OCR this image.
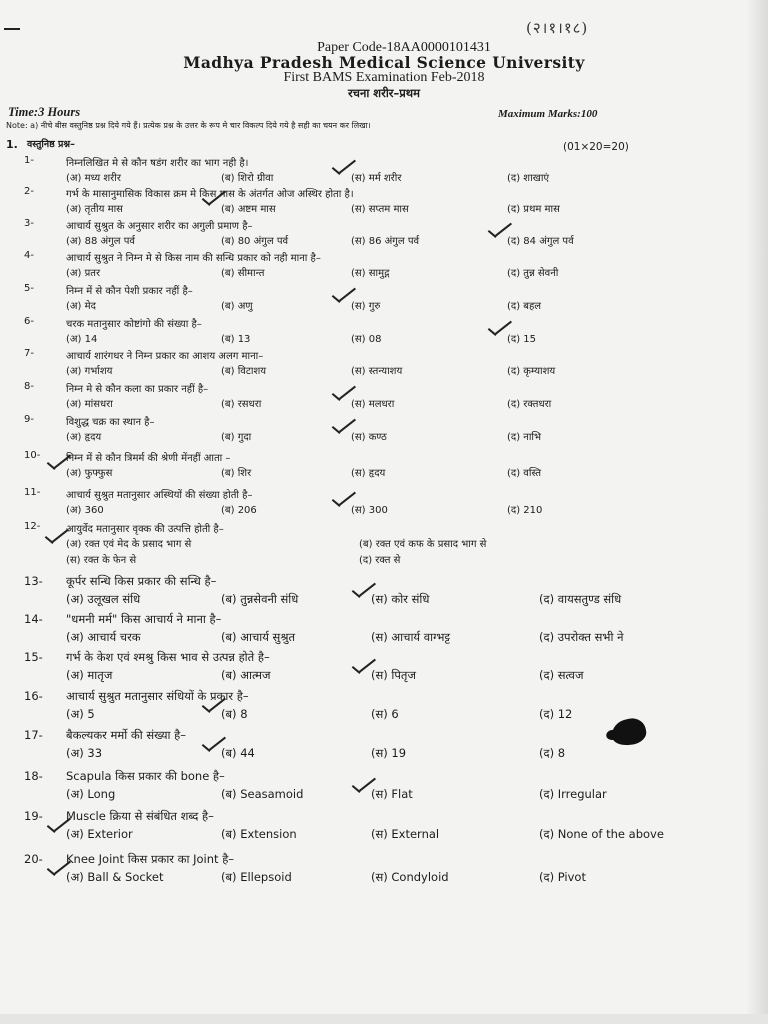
(२।१।१८)
Paper Code-18AA0000101431
Madhya Pradesh Medical Science University
First BAMS Examination Feb-2018
रचना शरीर–प्रथम
Time:3 Hours	Maximum Marks:100
Note: a) नीचे बीस वस्तुनिष्ठ प्रश्न दिये गये हैं। प्रत्येक प्रश्न के उत्तर के रूप मे चार विकल्प दिये गये है सही का चयन कर लिखा।
1. वस्तुनिष्ठ प्रश्न–	(01×20=20)
1-	निम्नलिखित मे से कौन षडंग शरीर का भाग नही है।
(अ) मध्य शरीर	(ब) शिरो ग्रीवा	(स) मर्म शरीर	(द) शाखाएं
2-	गर्भ के मासानुमासिक विकास क्रम मे किस मास के अंतर्गत ओज अस्थिर होता है।
(अ) तृतीय मास	(ब) अष्टम मास	(स) सप्तम मास	(द) प्रथम मास
3-	आचार्य सुश्रुत के अनुसार शरीर का अगुली प्रमाण है–
(अ) 88 अंगुल पर्व	(ब) 80 अंगुल पर्व	(स) 86 अंगुल पर्व	(द) 84 अंगुल पर्व
4-	आचार्य सुश्रुत ने निम्न मे से किस नाम की सन्धि प्रकार को नही माना है–
(अ) प्रतर	(ब) सीमान्त	(स) सामुद्ग	(द) तुन्न सेवनी
5-	निम्न में से कौन पेशी प्रकार नहीं है–
(अ) मेद	(ब) अणु	(स) गुरु	(द) बहल
6-	चरक मतानुसार कोष्टांगो की संख्या है–
(अ) 14	(ब) 13	(स) 08	(द) 15
7-	आचार्य शारंगधर ने निम्न प्रकार का आशय अलग माना–
(अ) गर्भाशय	(ब) विटाशय	(स) स्तन्याशय	(द) कृम्याशय
8-	निम्न मे से कौन कला का प्रकार नहीं है–
(अ) मांसधरा	(ब) रसधरा	(स) मलधरा	(द) रक्तधरा
9-	विशुद्ध चक्र का स्थान है–
(अ) हृदय	(ब) गुदा	(स) कण्ठ	(द) नाभि
10-	निम्न में से कौन त्रिमर्म की श्रेणी मेंनहीं आता –
(अ) फुफ्फुस	(ब) शिर	(स) हृदय	(द) वस्ति
11-	आचार्य सुश्रुत मतानुसार अस्थियों की संख्या होती है–
(अ) 360	(ब) 206	(स) 300	(द) 210
12-	आयुर्वेद मतानुसार वृक्क की उत्पत्ति होती है–
(अ) रक्त एवं मेद के प्रसाद भाग से	(ब) रक्त एवं कफ के प्रसाद भाग से
(स) रक्त के फेन से	(द) रक्त से
13- कूर्पर सन्धि किस प्रकार की सन्धि है–
(अ) उलूखल संधि	(ब) तुन्नसेवनी संधि	(स) कोर संधि	(द) वायसतुण्ड संधि
14- "धमनी मर्म" किस आचार्य ने माना है–
(अ) आचार्य चरक	(ब) आचार्य सुश्रुत	(स) आचार्य वाग्भट्ट	(द) उपरोक्त सभी ने
15- गर्भ के केश एवं श्मश्रु किस भाव से उत्पन्न होते है–
(अ) मातृज	(ब) आत्मज	(स) पितृज	(द) सत्वज
16- आचार्य सुश्रुत मतानुसार संधियों के प्रकार है–
(अ) 5	(ब) 8	(स) 6	(द) 12
17- बैकल्यकर मर्मो की संख्या है–
(अ) 33	(ब) 44	(स) 19	(द) 8
18- Scapula किस प्रकार की bone है–
(अ) Long	(ब) Seasamoid	(स) Flat	(द) Irregular
19- Muscle क्रिया से संबंधित शब्द है–
(अ) Exterior	(ब) Extension	(स) External	(द) None of the above
20- Knee Joint किस प्रकार का Joint है–
(अ) Ball & Socket	(ब) Ellepsoid	(स) Condyloid	(द) Pivot
